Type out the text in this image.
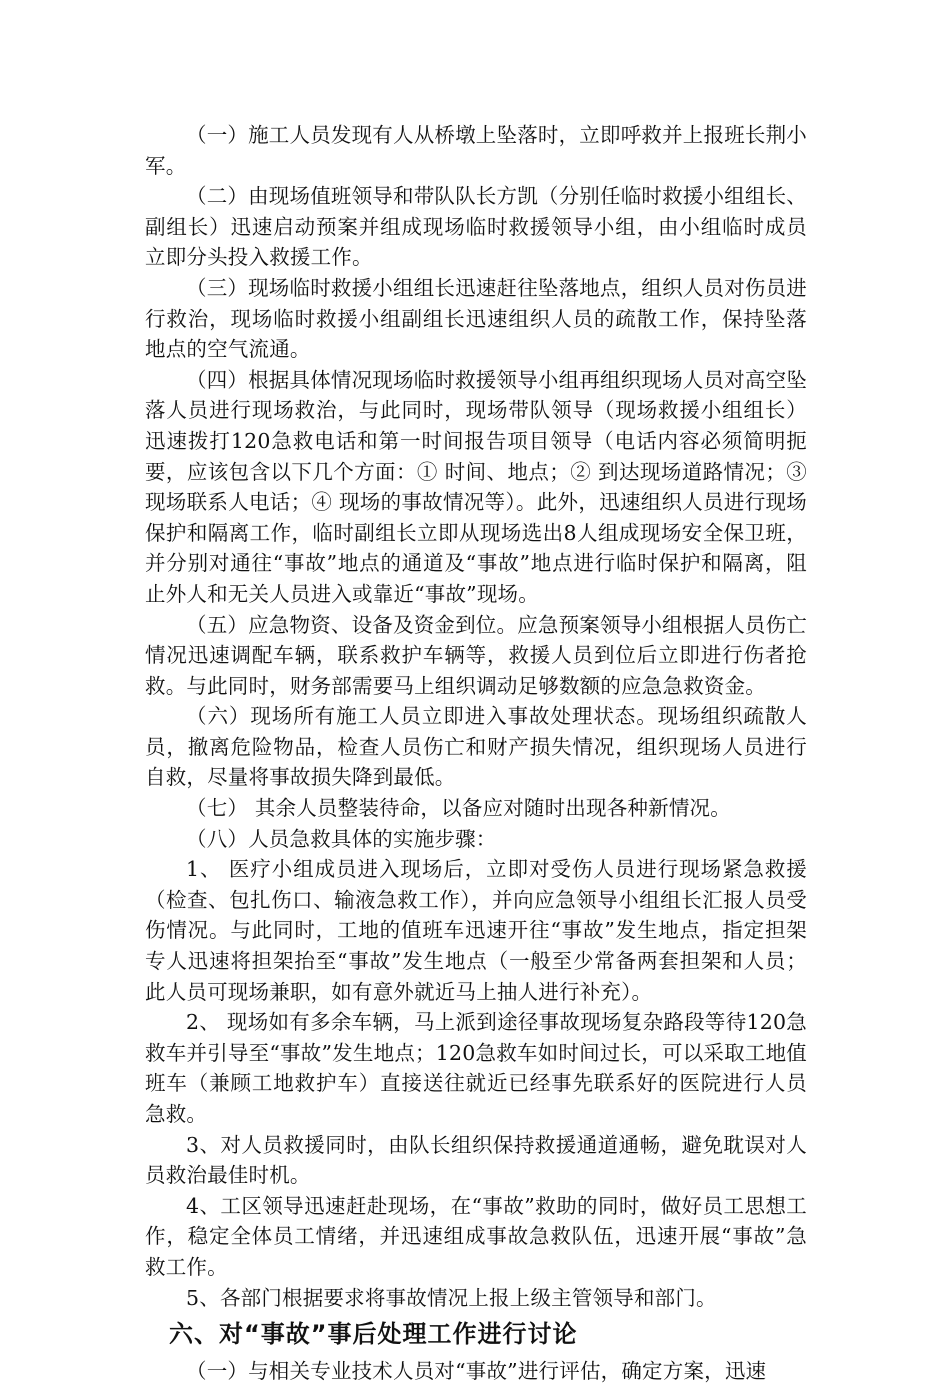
（一）施工人员发现有人从桥墩上坠落时，立即呼救并上报班长荆小军。

（二）由现场值班领导和带队队长方凯（分别任临时救援小组组长、副组长）迅速启动预案并组成现场临时救援领导小组，由小组临时成员立即分头投入救援工作。

（三）现场临时救援小组组长迅速赶往坠落地点，组织人员对伤员进行救治，现场临时救援小组副组长迅速组织人员的疏散工作，保持坠落地点的空气流通。

（四）根据具体情况现场临时救援领导小组再组织现场人员对高空坠落人员进行现场救治，与此同时，现场带队领导（现场救援小组组长）迅速拨打120急救电话和第一时间报告项目领导（电话内容必须简明扼要，应该包含以下几个方面：① 时间、地点；② 到达现场道路情况；③ 现场联系人电话；④ 现场的事故情况等）。此外，迅速组织人员进行现场保护和隔离工作，临时副组长立即从现场选出8人组成现场安全保卫班， 并分别对通往“事故”地点的通道及“事故”地点进行临时保护和隔离，阻止外人和无关人员进入或靠近“事故”现场。

（五）应急物资、设备及资金到位。应急预案领导小组根据人员伤亡情况迅速调配车辆，联系救护车辆等，救援人员到位后立即进行伤者抢救。与此同时，财务部需要马上组织调动足够数额的应急急救资金。

（六）现场所有施工人员立即进入事故处理状态。现场组织疏散人员，撤离危险物品，检查人员伤亡和财产损失情况，组织现场人员进行自救，尽量将事故损失降到最低。

（七） 其余人员整装待命，以备应对随时出现各种新情况。

（八）人员急救具体的实施步骤：

1、 医疗小组成员进入现场后，立即对受伤人员进行现场紧急救援（检查、包扎伤口、输液急救工作），并向应急领导小组组长汇报人员受伤情况。与此同时，工地的值班车迅速开往“事故”发生地点，指定担架专人迅速将担架抬至“事故”发生地点（一般至少常备两套担架和人员；此人员可现场兼职，如有意外就近马上抽人进行补充）。

2、 现场如有多余车辆，马上派到途径事故现场复杂路段等待120急救车并引导至“事故”发生地点；120急救车如时间过长，可以采取工地值班车（兼顾工地救护车）直接送往就近已经事先联系好的医院进行人员急救。

3、对人员救援同时，由队长组织保持救援通道通畅，避免耽误对人员救治最佳时机。

4、工区领导迅速赶赴现场，在“事故”救助的同时，做好员工思想工作，稳定全体员工情绪，并迅速组成事故急救队伍，迅速开展“事故”急救工作。

5、各部门根据要求将事故情况上报上级主管领导和部门。

六、对“事故”事后处理工作进行讨论

（一）与相关专业技术人员对“事故”进行评估，确定方案，迅速
